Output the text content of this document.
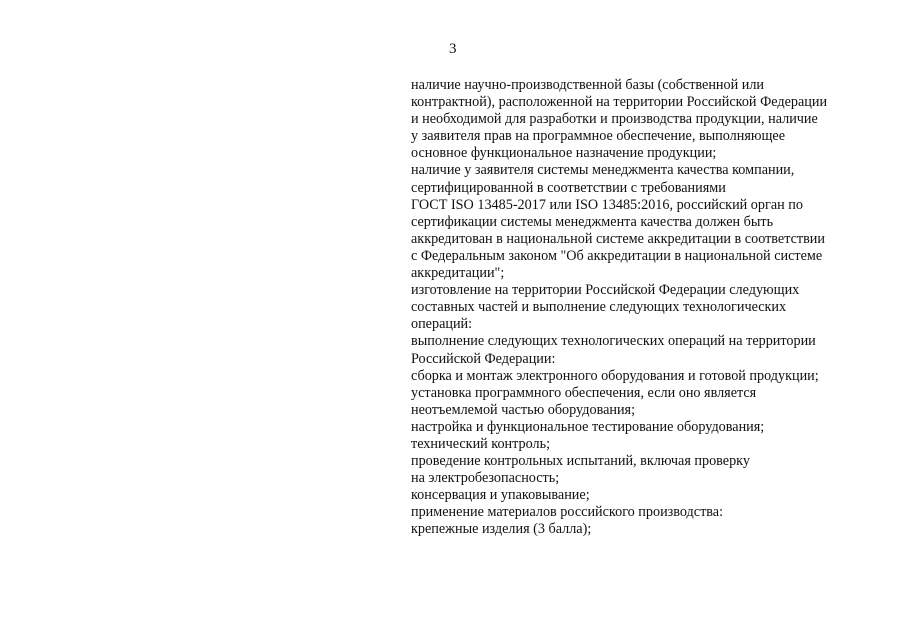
3
наличие научно-производственной базы (собственной или
контрактной), расположенной на территории Российской Федерации
и необходимой для разработки и производства продукции, наличие
у заявителя прав на программное обеспечение, выполняющее
основное функциональное назначение продукции;
наличие у заявителя системы менеджмента качества компании,
сертифицированной в соответствии с требованиями
ГОСТ ISO 13485-2017 или ISO 13485:2016, российский орган по
сертификации системы менеджмента качества должен быть
аккредитован в национальной системе аккредитации в соответствии
с Федеральным законом "Об аккредитации в национальной системе
аккредитации";
изготовление на территории Российской Федерации следующих
составных частей и выполнение следующих технологических
операций:
выполнение следующих технологических операций на территории
Российской Федерации:
сборка и монтаж электронного оборудования и готовой продукции;
установка программного обеспечения, если оно является
неотъемлемой частью оборудования;
настройка и функциональное тестирование оборудования;
технический контроль;
проведение контрольных испытаний, включая проверку
на электробезопасность;
консервация и упаковывание;
применение материалов российского производства:
крепежные изделия (3 балла);
